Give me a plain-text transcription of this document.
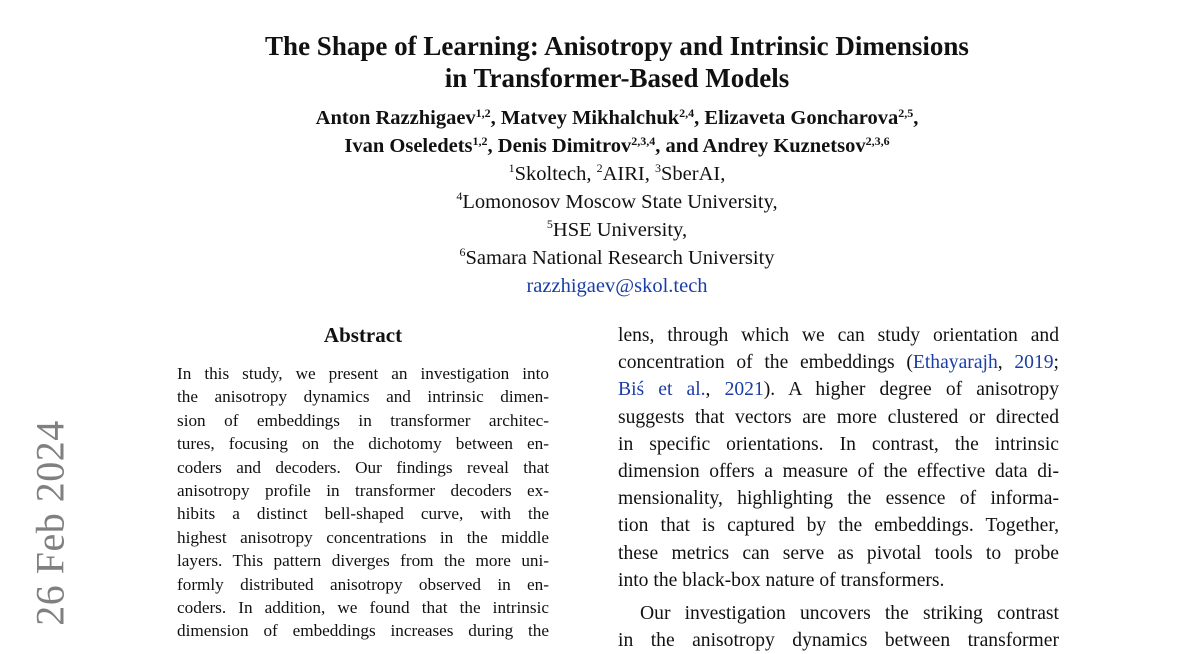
26 Feb 2024
The Shape of Learning: Anisotropy and Intrinsic Dimensions
in Transformer-Based Models
Anton Razzhigaev$^{1,2}$, Matvey Mikhalchuk$^{2,4}$, Elizaveta Goncharova$^{2,5}$,
Ivan Oseledets$^{1,2}$, Denis Dimitrov$^{2,3,4}$, and Andrey Kuznetsov$^{2,3,6}$
$^1$Skoltech, $^2$AIRI, $^3$SberAI,
$^4$Lomonosov Moscow State University,
$^5$HSE University,
$^6$Samara National Research University
razzhigaev@skol.tech
Abstract
In this study, we present an investigation into
the anisotropy dynamics and intrinsic dimen-
sion of embeddings in transformer architec-
tures, focusing on the dichotomy between en-
coders and decoders. Our findings reveal that
anisotropy profile in transformer decoders ex-
hibits a distinct bell-shaped curve, with the
highest anisotropy concentrations in the middle
layers. This pattern diverges from the more uni-
formly distributed anisotropy observed in en-
coders. In addition, we found that the intrinsic
dimension of embeddings increases during the
lens, through which we can study orientation and
concentration of the embeddings (Ethayarajh, 2019;
Biś et al., 2021). A higher degree of anisotropy
suggests that vectors are more clustered or directed
in specific orientations. In contrast, the intrinsic
dimension offers a measure of the effective data di-
mensionality, highlighting the essence of informa-
tion that is captured by the embeddings. Together,
these metrics can serve as pivotal tools to probe
into the black-box nature of transformers.
Our investigation uncovers the striking contrast
in the anisotropy dynamics between transformer
